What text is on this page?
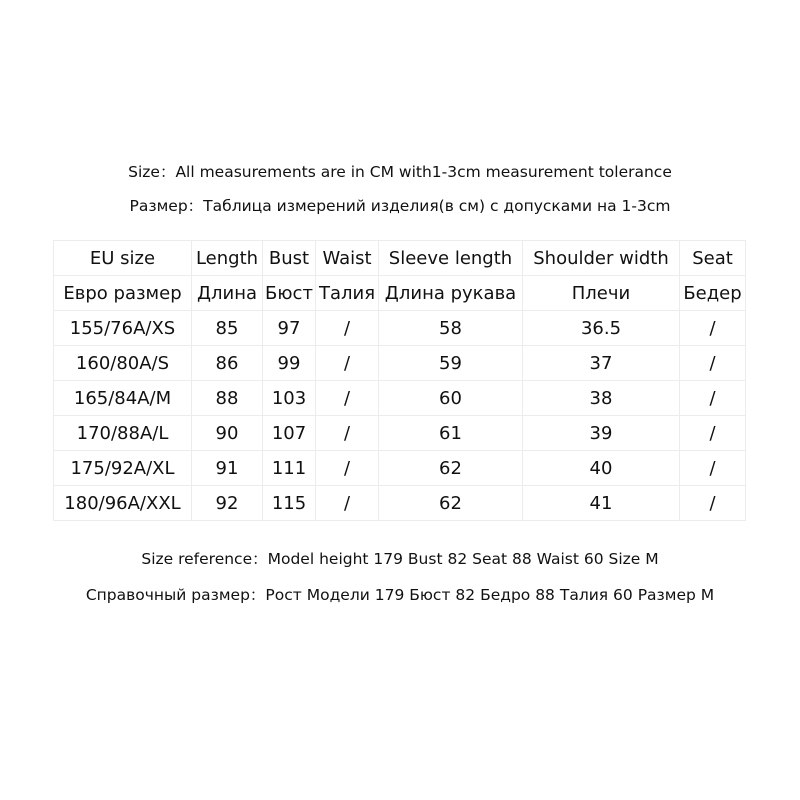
Size：All measurements are in CM with1-3cm measurement tolerance
Размер：Таблица измерений изделия(в см) с допусками на 1-3cm
EU size	Length	Bust	Waist	Sleeve length	Shoulder width	Seat
Евро размер	Длина	Бюст	Талия	Длина рукава	Плечи	Бедер
155/76A/XS	85	97	/	58	36.5	/
160/80A/S	86	99	/	59	37	/
165/84A/M	88	103	/	60	38	/
170/88A/L	90	107	/	61	39	/
175/92A/XL	91	111	/	62	40	/
180/96A/XXL	92	115	/	62	41	/
Size reference：Model height 179 Bust 82 Seat 88 Waist 60 Size M
Справочный размер：Рост Модели 179 Бюст 82 Бедро 88 Талия 60 Размер M
